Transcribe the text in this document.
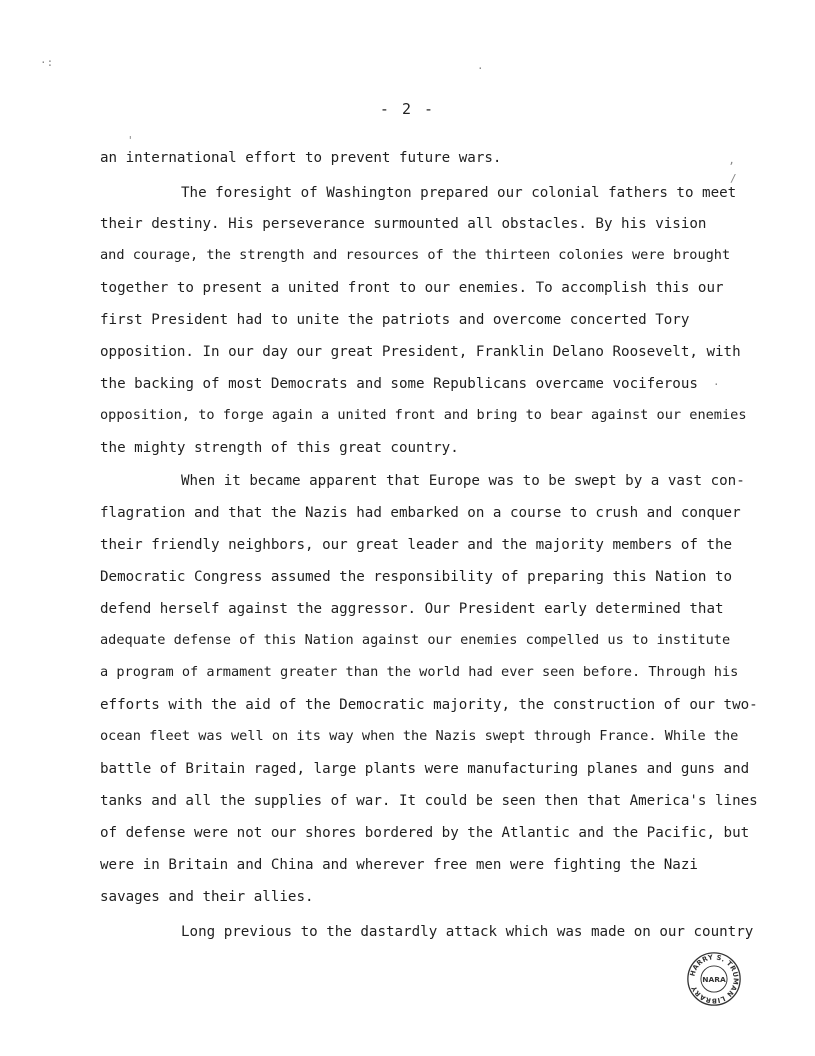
- 2 -
an international effort to prevent future wars.
The foresight of Washington prepared our colonial fathers to meet
their destiny. His perseverance surmounted all obstacles. By his vision
and courage, the strength and resources of the thirteen colonies were brought
together to present a united front to our enemies. To accomplish this our
first President had to unite the patriots and overcome concerted Tory
opposition. In our day our great President, Franklin Delano Roosevelt, with
the backing of most Democrats and some Republicans overcame vociferous
opposition, to forge again a united front and bring to bear against our enemies
the mighty strength of this great country.
When it became apparent that Europe was to be swept by a vast con-
flagration and that the Nazis had embarked on a course to crush and conquer
their friendly neighbors, our great leader and the majority members of the
Democratic Congress assumed the responsibility of preparing this Nation to
defend herself against the aggressor. Our President early determined that
adequate defense of this Nation against our enemies compelled us to institute
a program of armament greater than the world had ever seen before. Through his
efforts with the aid of the Democratic majority, the construction of our two-
ocean fleet was well on its way when the Nazis swept through France. While the
battle of Britain raged, large plants were manufacturing planes and guns and
tanks and all the supplies of war. It could be seen then that America's lines
of defense were not our shores bordered by the Atlantic and the Pacific, but
were in Britain and China and wherever free men were fighting the Nazi
savages and their allies.
Long previous to the dastardly attack which was made on our country
·:	·
'
ʼ
/
·
HARRY S. TRUMAN LIBRARY
NARA
